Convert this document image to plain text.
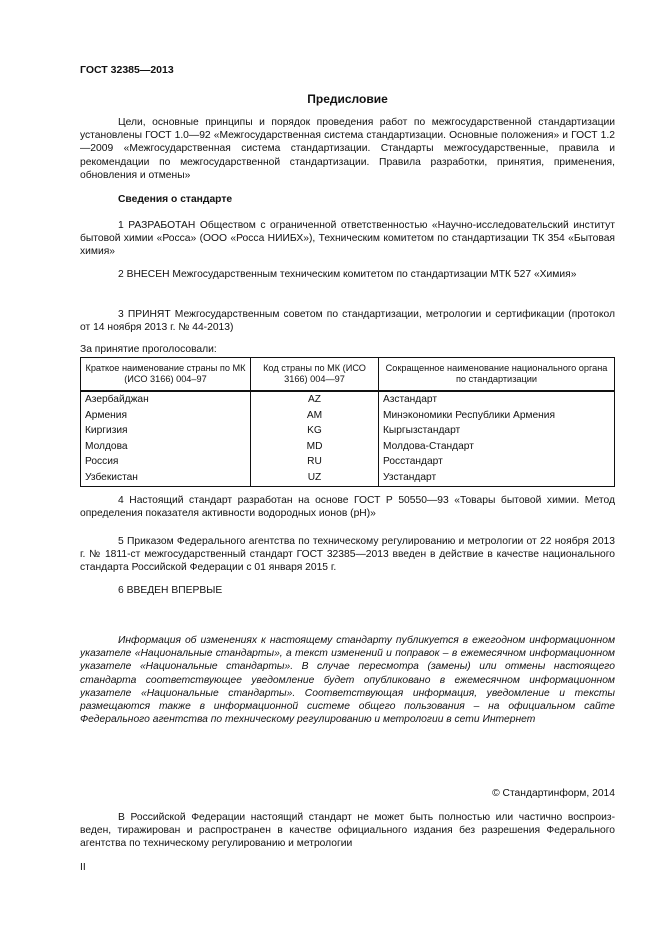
ГОСТ 32385—2013
Предисловие

Цели, основные принципы и порядок проведения работ по межгосударственной стандартизации установлены ГОСТ 1.0—92 «Межгосударственная система стандартизации. Основные положения» и ГОСТ 1.2—2009 «Межгосударственная система стандартизации. Стандарты межгосударственные, правила и рекомендации по межгосударственной стандартизации. Правила разработки, принятия, применения, обновления и отмены»

Сведения о стандарте

1 РАЗРАБОТАН Обществом с ограниченной ответственностью «Научно-исследовательский институт бытовой химии «Росса» (ООО «Росса НИИБХ»), Техническим комитетом по стандартизации ТК 354 «Бытовая химия»

2 ВНЕСЕН Межгосударственным техническим комитетом по стандартизации МТК 527 «Химия»

3 ПРИНЯТ Межгосударственным советом по стандартизации, метрологии и сертификации (протокол от 14 ноября 2013 г. № 44-2013)

За принятие проголосовали:
Краткое наименование страны по МК (ИСО 3166) 004–97	Код страны по МК (ИСО 3166) 004—97	Сокращенное наименование национального органа по стандартизации
Азербайджан	AZ	Азстандарт
Армения	AM	Минэкономики Республики Армения
Киргизия	KG	Кыргызстандарт
Молдова	MD	Молдова-Стандарт
Россия	RU	Росстандарт
Узбекистан	UZ	Узстандарт

4 Настоящий стандарт разработан на основе ГОСТ Р 50550—93 «Товары бытовой химии. Метод определения показателя активности водородных ионов (pH)»

5 Приказом Федерального агентства по техническому регулированию и метрологии от 22 ноября 2013 г. № 1811-ст межгосударственный стандарт ГОСТ 32385—2013 введен в действие в качестве национального стандарта Российской Федерации с 01 января 2015 г.

6 ВВЕДЕН ВПЕРВЫЕ

Информация об изменениях к настоящему стандарту публикуется в ежегодном информационном указателе «Национальные стандарты», а текст изменений и поправок – в ежемесячном информационном указателе «Национальные стандарты». В случае пересмотра (замены) или отмены настоящего стандарта соответствующее уведомление будет опубликовано в ежемесячном информационном указателе «Национальные стандарты». Соответствующая информация, уведомление и тексты размещаются также в информационной системе общего пользования – на официальном сайте Федерального агентства по техническому регулированию и метрологии в сети Интернет

© Стандартинформ, 2014

В Российской Федерации настоящий стандарт не может быть полностью или частично воспроиз-веден, тиражирован и распространен в качестве официального издания без разрешения Федерального агентства по техническому регулированию и метрологии

II
